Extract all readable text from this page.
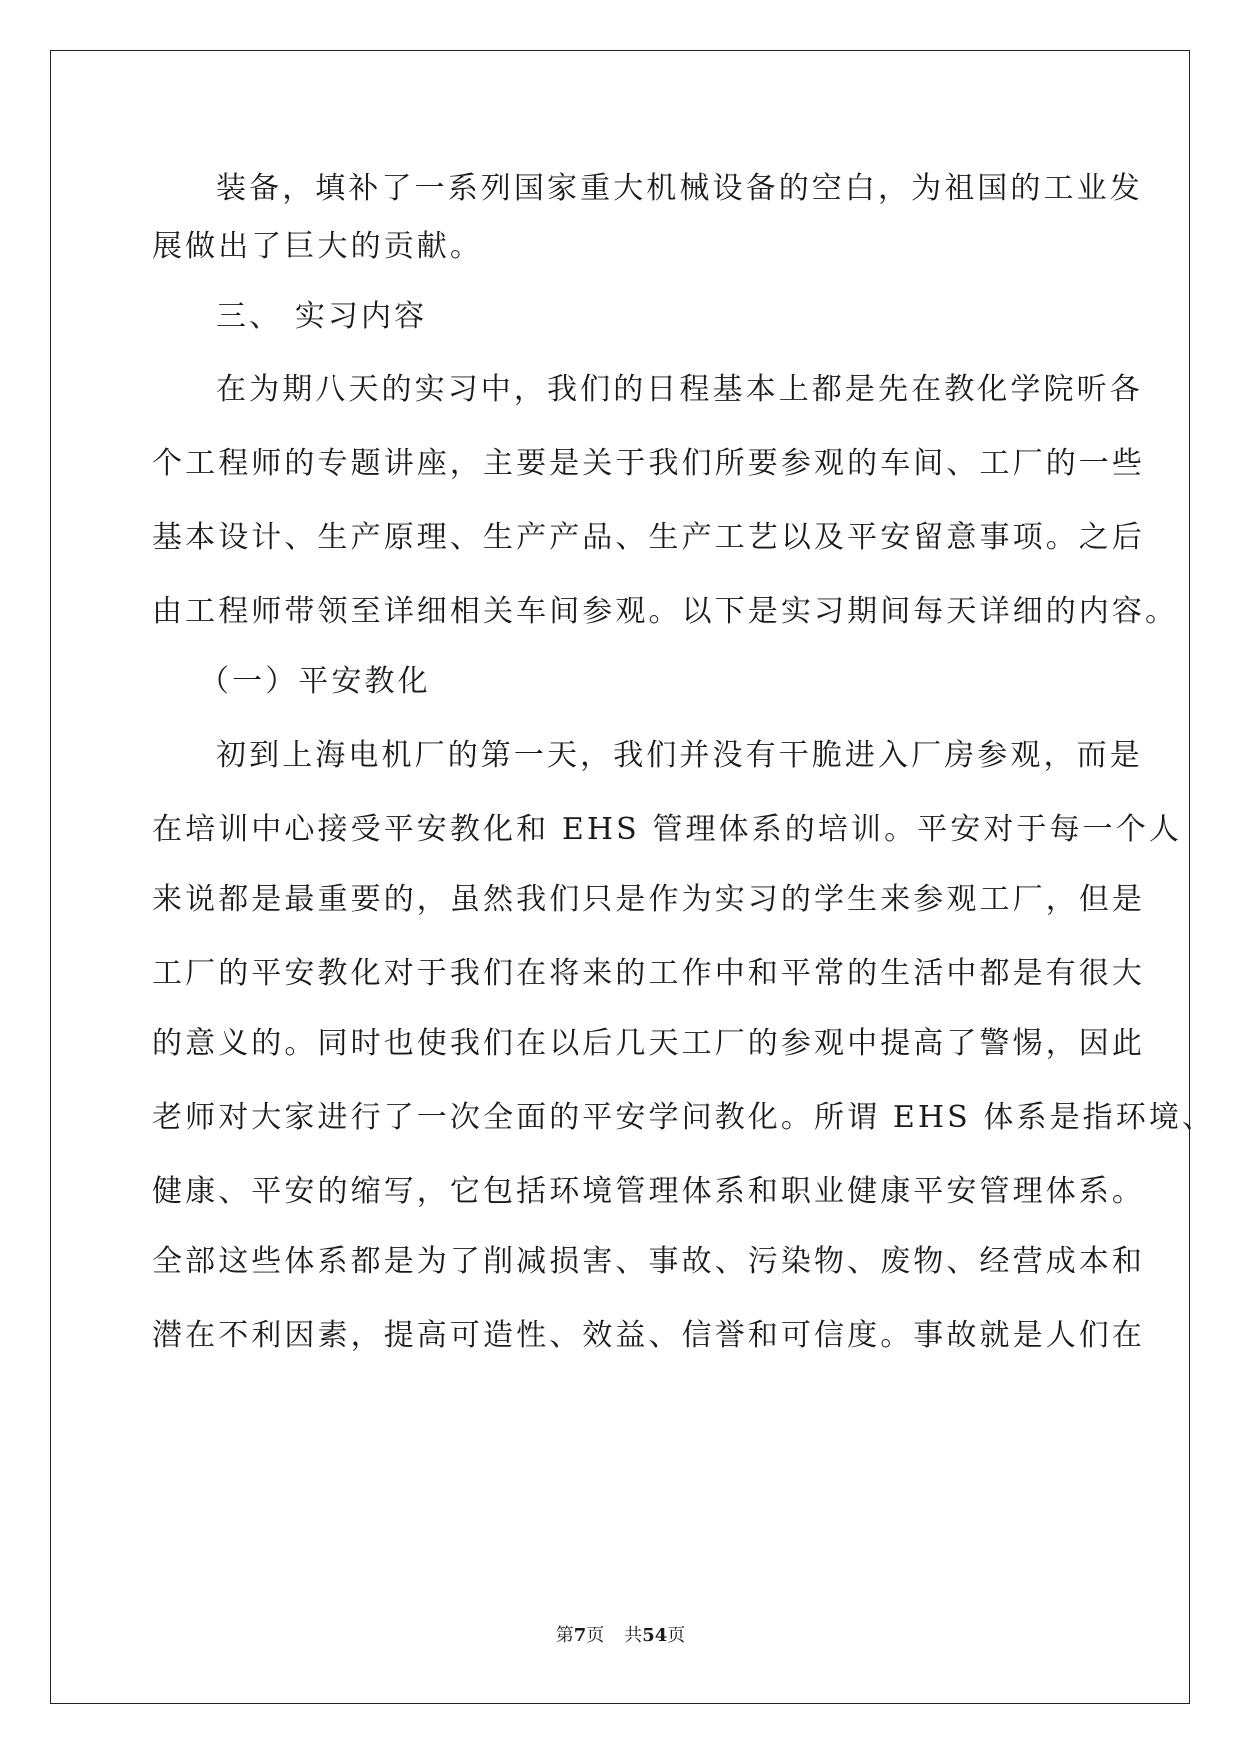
装备，填补了一系列国家重大机械设备的空白，为祖国的工业发

展做出了巨大的贡献。

三、 实习内容

在为期八天的实习中，我们的日程基本上都是先在教化学院听各

个工程师的专题讲座，主要是关于我们所要参观的车间、工厂的一些

基本设计、生产原理、生产产品、生产工艺以及平安留意事项。之后

由工程师带领至详细相关车间参观。以下是实习期间每天详细的内容。

（一）平安教化

初到上海电机厂的第一天，我们并没有干脆进入厂房参观，而是

在培训中心接受平安教化和 EHS 管理体系的培训。平安对于每一个人

来说都是最重要的，虽然我们只是作为实习的学生来参观工厂，但是

工厂的平安教化对于我们在将来的工作中和平常的生活中都是有很大

的意义的。同时也使我们在以后几天工厂的参观中提高了警惕，因此

老师对大家进行了一次全面的平安学问教化。所谓 EHS 体系是指环境、

健康、平安的缩写，它包括环境管理体系和职业健康平安管理体系。

全部这些体系都是为了削减损害、事故、污染物、废物、经营成本和

潜在不利因素，提高可造性、效益、信誉和可信度。事故就是人们在

第7页 共54页
